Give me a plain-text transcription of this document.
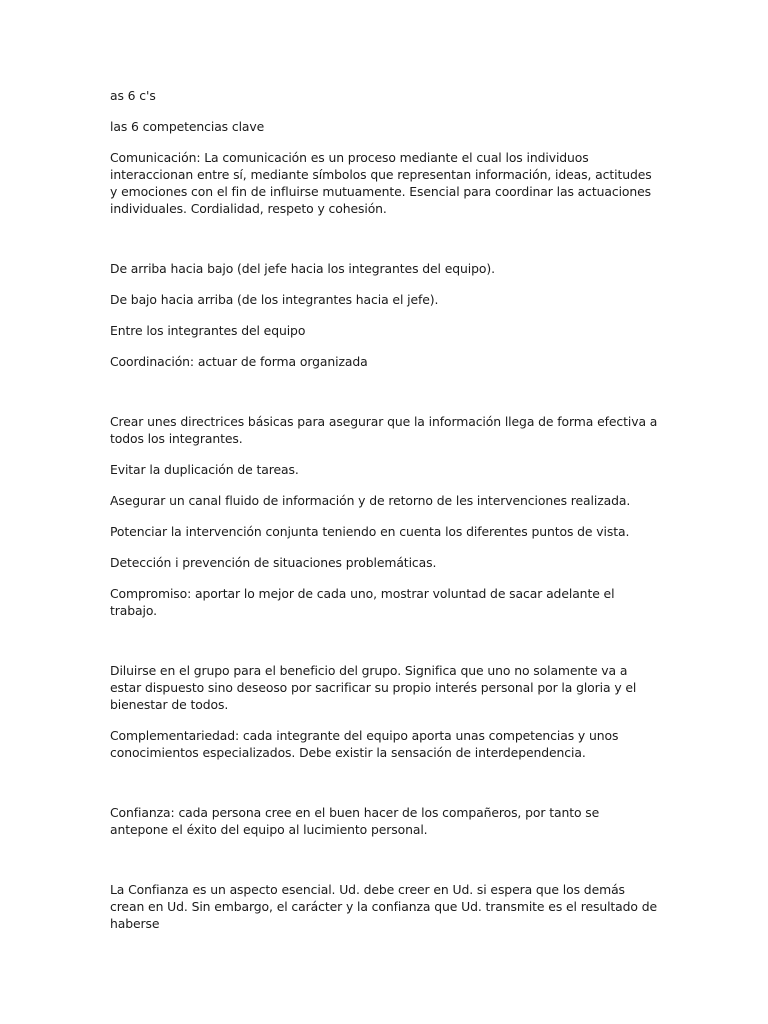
as 6 c's

las 6 competencias clave

Comunicación: La comunicación es un proceso mediante el cual los individuos interaccionan entre sí, mediante símbolos que representan información, ideas, actitudes y emociones con el fin de influirse mutuamente. Esencial para coordinar las actuaciones individuales. Cordialidad, respeto y cohesión.

De arriba hacia bajo (del jefe hacia los integrantes del equipo).

De bajo hacia arriba (de los integrantes hacia el jefe).

Entre los integrantes del equipo

Coordinación: actuar de forma organizada

Crear unes directrices básicas para asegurar que la información llega de forma efectiva a todos los integrantes.

Evitar la duplicación de tareas.

Asegurar un canal fluido de información y de retorno de les intervenciones realizada.

Potenciar la intervención conjunta teniendo en cuenta los diferentes puntos de vista.

Detección i prevención de situaciones problemáticas.

Compromiso: aportar lo mejor de cada uno, mostrar voluntad de sacar adelante el trabajo.

Diluirse en el grupo para el beneficio del grupo. Significa que uno no solamente va a estar dispuesto sino deseoso por sacrificar su propio interés personal por la gloria y el bienestar de todos.

Complementariedad: cada integrante del equipo aporta unas competencias y unos conocimientos especializados. Debe existir la sensación de interdependencia.

Confianza: cada persona cree en el buen hacer de los compañeros, por tanto se antepone el éxito del equipo al lucimiento personal.

La Confianza es un aspecto esencial. Ud. debe creer en Ud. si espera que los demás crean en Ud. Sin embargo, el carácter y la confianza que Ud. transmite es el resultado de haberse
